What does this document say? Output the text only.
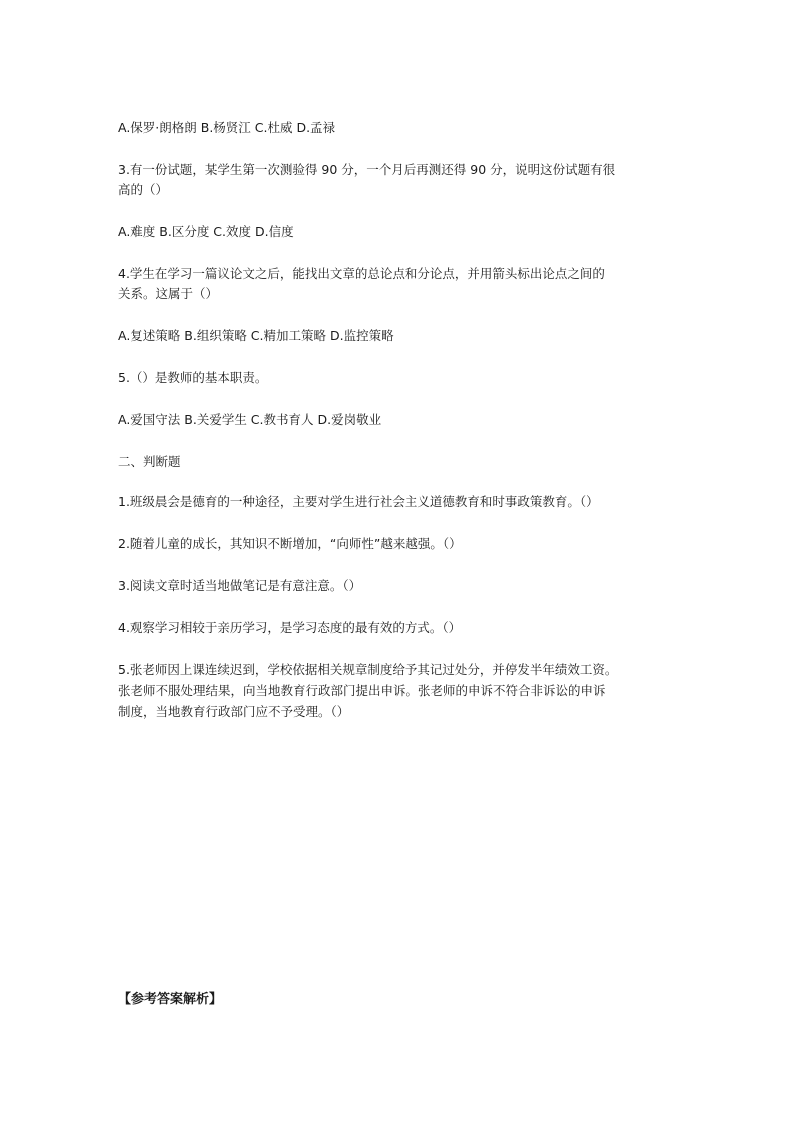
A.保罗·朗格朗 B.杨贤江 C.杜威 D.孟禄
3.有一份试题，某学生第一次测验得 90 分，一个月后再测还得 90 分，说明这份试题有很
高的（）
A.难度 B.区分度 C.效度 D.信度
4.学生在学习一篇议论文之后，能找出文章的总论点和分论点，并用箭头标出论点之间的
关系。这属于（）
A.复述策略 B.组织策略 C.精加工策略 D.监控策略
5.（）是教师的基本职责。
A.爱国守法 B.关爱学生 C.教书育人 D.爱岗敬业
二、判断题
1.班级晨会是德育的一种途径，主要对学生进行社会主义道德教育和时事政策教育。（）
2.随着儿童的成长，其知识不断增加，“向师性”越来越强。（）
3.阅读文章时适当地做笔记是有意注意。（）
4.观察学习相较于亲历学习，是学习态度的最有效的方式。（）
5.张老师因上课连续迟到，学校依据相关规章制度给予其记过处分，并停发半年绩效工资。
张老师不服处理结果，向当地教育行政部门提出申诉。张老师的申诉不符合非诉讼的申诉
制度，当地教育行政部门应不予受理。（）
【参考答案解析】
